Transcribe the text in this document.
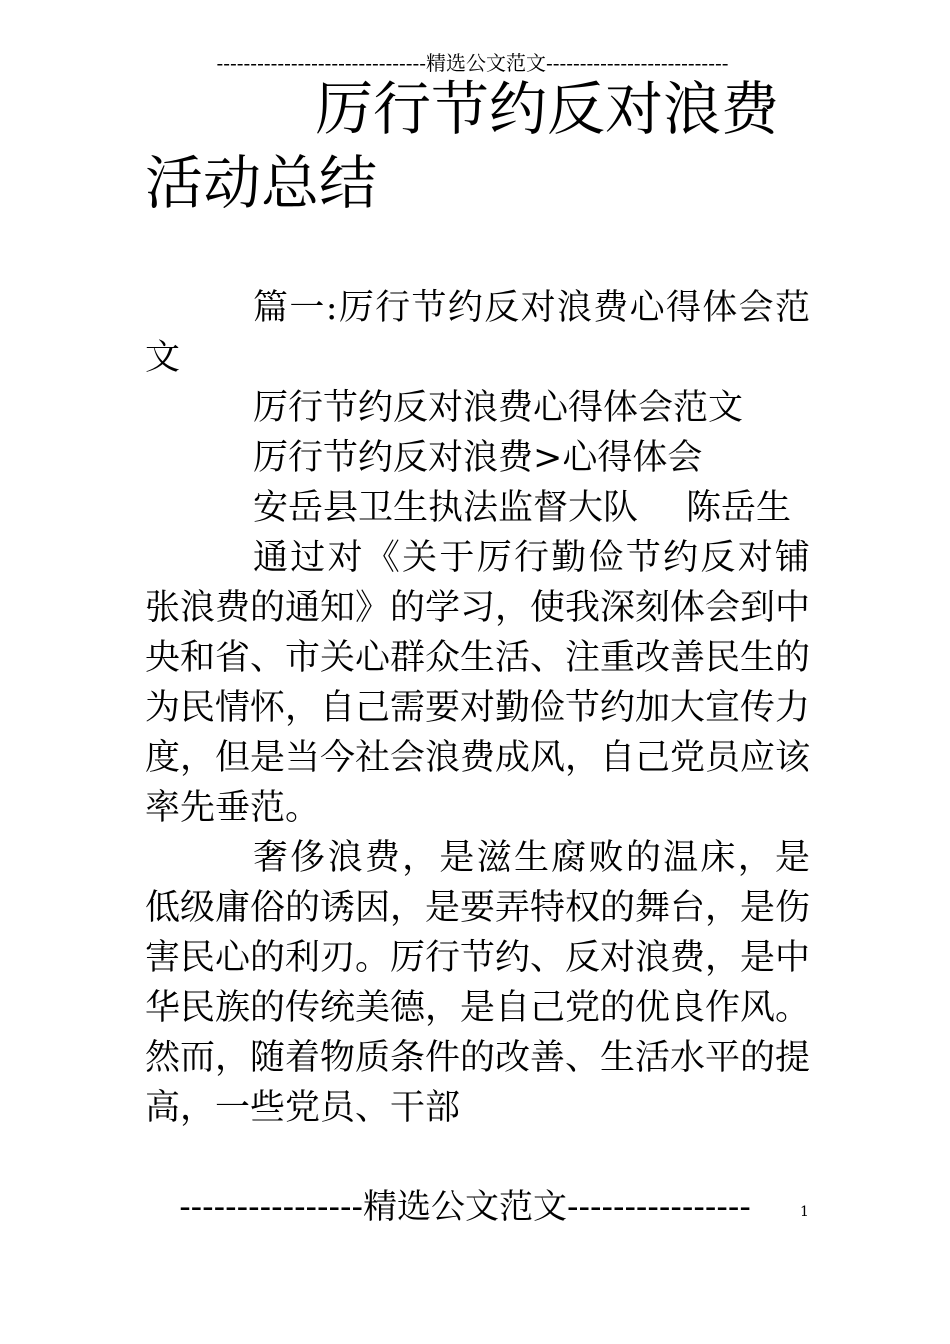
-------------------------------精选公文范文---------------------------
厉行节约反对浪费
活动总结

篇一:厉行节约反对浪费心得体会范文

厉行节约反对浪费心得体会范文

厉行节约反对浪费>心得体会

安岳县卫生执法监督大队 陈岳生

通过对《关于厉行勤俭节约反对铺张浪费的通知》的学习，使我深刻体会到中央和省、市关心群众生活、注重改善民生的为民情怀，自己需要对勤俭节约加大宣传力度，但是当今社会浪费成风，自己党员应该率先垂范。

奢侈浪费，是滋生腐败的温床，是低级庸俗的诱因，是要弄特权的舞台，是伤害民心的利刃。厉行节约、反对浪费，是中华民族的传统美德，是自己党的优良作风。然而，随着物质条件的改善、生活水平的提高，一些党员、干部

----------------精选公文范文----------------	1
